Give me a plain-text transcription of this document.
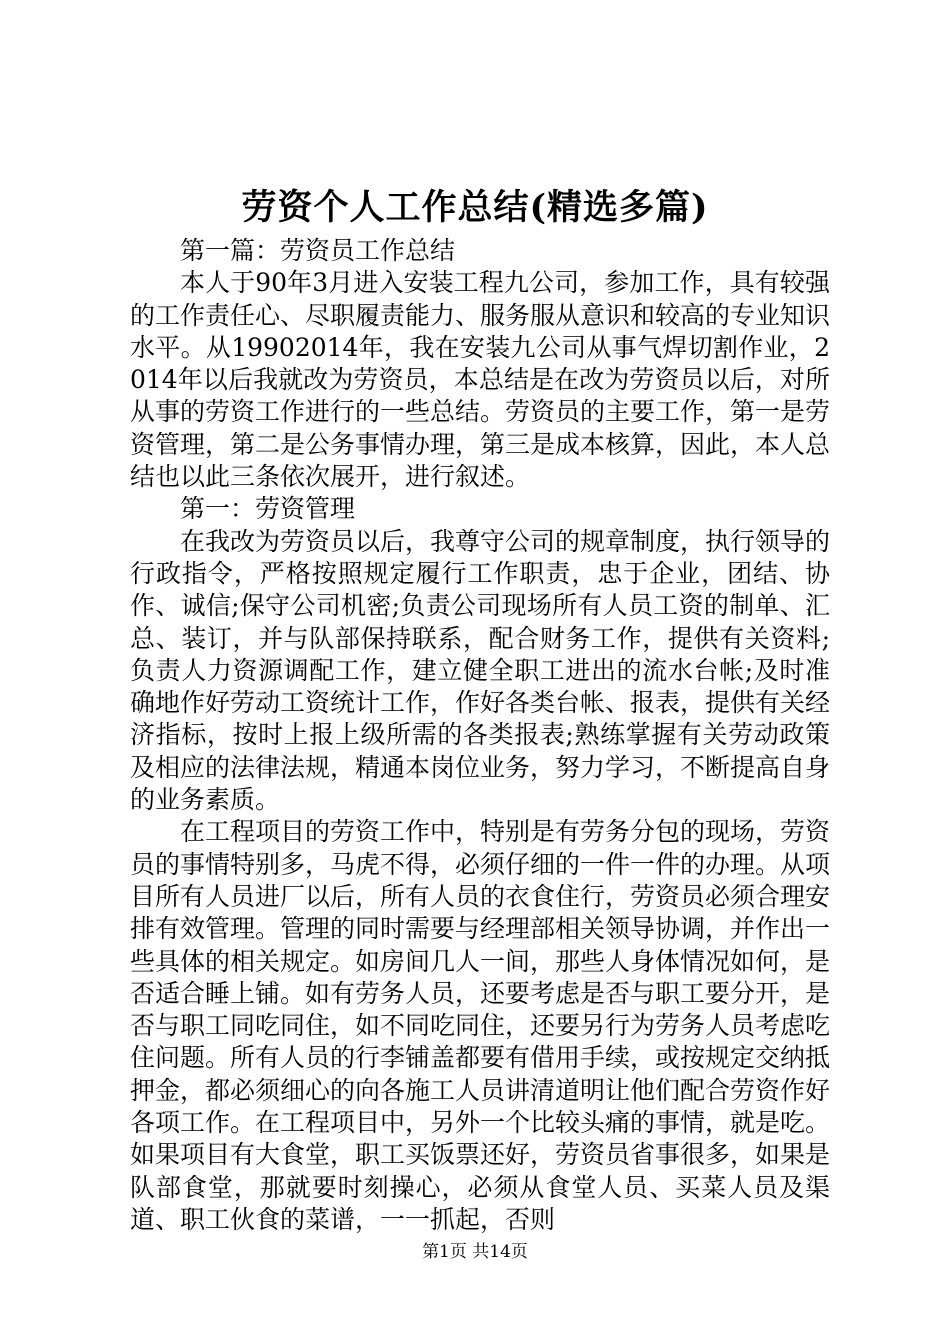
劳资个人工作总结(精选多篇)

第一篇：劳资员工作总结

本人于90年3月进入安装工程九公司，参加工作，具有较强的工作责任心、尽职履责能力、服务服从意识和较高的专业知识水平。从19902014年，我在安装九公司从事气焊切割作业，2014年以后我就改为劳资员，本总结是在改为劳资员以后，对所从事的劳资工作进行的一些总结。劳资员的主要工作，第一是劳资管理，第二是公务事情办理，第三是成本核算，因此，本人总结也以此三条依次展开，进行叙述。

第一：劳资管理

在我改为劳资员以后，我尊守公司的规章制度，执行领导的行政指令，严格按照规定履行工作职责，忠于企业，团结、协作、诚信;保守公司机密;负责公司现场所有人员工资的制单、汇总、装订，并与队部保持联系，配合财务工作，提供有关资料;负责人力资源调配工作，建立健全职工进出的流水台帐;及时准确地作好劳动工资统计工作，作好各类台帐、报表，提供有关经济指标，按时上报上级所需的各类报表;熟练掌握有关劳动政策及相应的法律法规，精通本岗位业务，努力学习，不断提高自身的业务素质。

在工程项目的劳资工作中，特别是有劳务分包的现场，劳资员的事情特别多，马虎不得，必须仔细的一件一件的办理。从项目所有人员进厂以后，所有人员的衣食住行，劳资员必须合理安排有效管理。管理的同时需要与经理部相关领导协调，并作出一些具体的相关规定。如房间几人一间，那些人身体情况如何，是否适合睡上铺。如有劳务人员，还要考虑是否与职工要分开，是否与职工同吃同住，如不同吃同住，还要另行为劳务人员考虑吃住问题。所有人员的行李铺盖都要有借用手续，或按规定交纳抵押金，都必须细心的向各施工人员讲清道明让他们配合劳资作好各项工作。在工程项目中，另外一个比较头痛的事情，就是吃。如果项目有大食堂，职工买饭票还好，劳资员省事很多，如果是队部食堂，那就要时刻操心，必须从食堂人员、买菜人员及渠道、职工伙食的菜谱，一一抓起，否则

第1页 共14页
